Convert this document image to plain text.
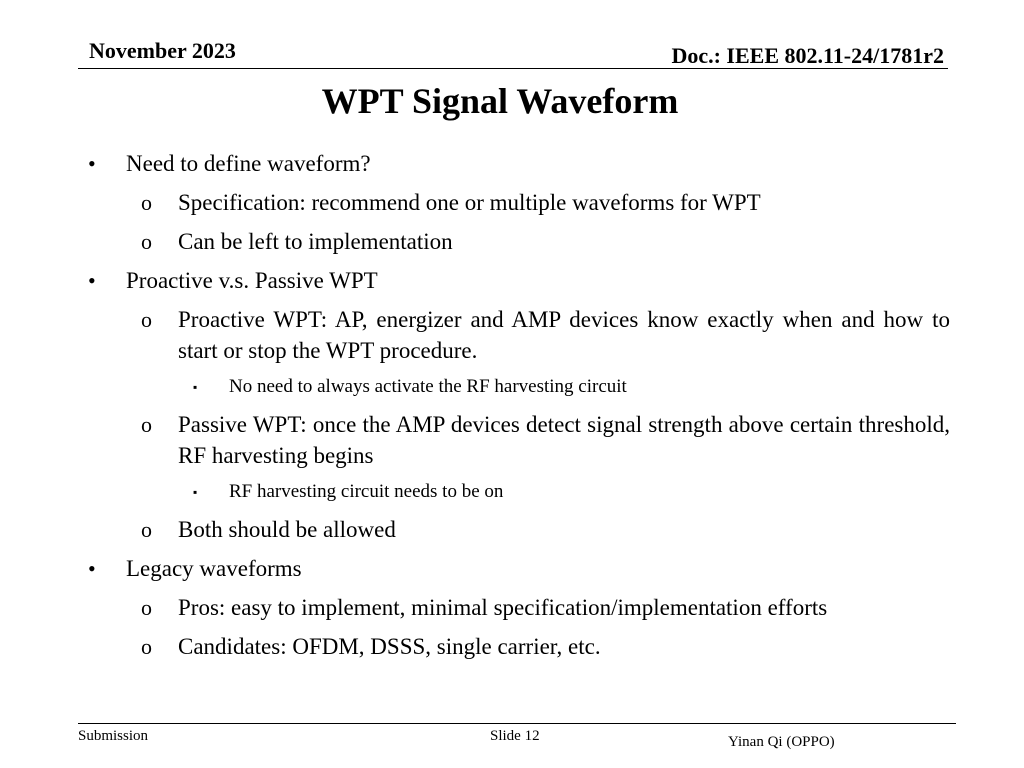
November 2023	Doc.: IEEE 802.11-24/1781r2
WPT Signal Waveform
• Need to define waveform?
o Specification: recommend one or multiple waveforms for WPT
o Can be left to implementation
• Proactive v.s. Passive WPT
o Proactive WPT: AP, energizer and AMP devices know exactly when and how to start or stop the WPT procedure.
▪ No need to always activate the RF harvesting circuit
o Passive WPT: once the AMP devices detect signal strength above certain threshold, RF harvesting begins
▪ RF harvesting circuit needs to be on
o Both should be allowed
• Legacy waveforms
o Pros: easy to implement, minimal specification/implementation efforts
o Candidates: OFDM, DSSS, single carrier, etc.
Submission	Slide 12	Yinan Qi (OPPO)
